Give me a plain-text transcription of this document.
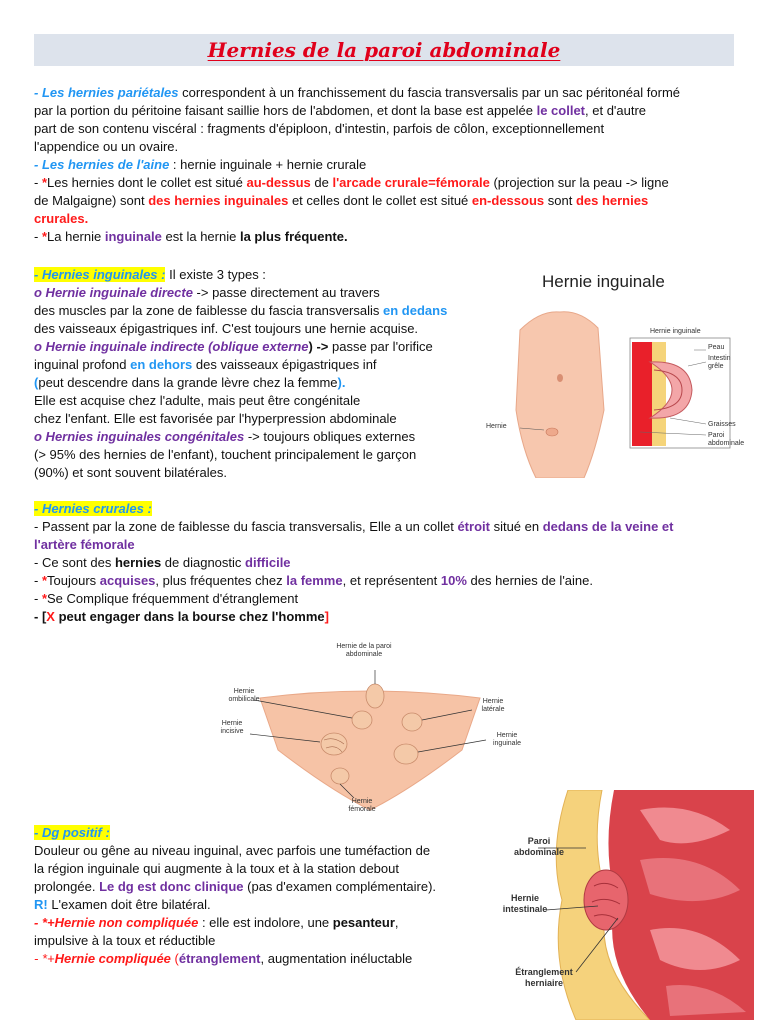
Hernies de la paroi abdominale
- Les hernies pariétales correspondent à un franchissement du fascia transversalis par un sac péritonéal formé
par la portion du péritoine faisant saillie hors de l'abdomen, et dont la base est appelée le collet, et d'autre
part de son contenu viscéral : fragments d'épiploon, d'intestin, parfois de côlon, exceptionnellement
l'appendice ou un ovaire.
- Les hernies de l'aine : hernie inguinale + hernie crurale
- *Les hernies dont le collet est situé au-dessus de l'arcade crurale=fémorale (projection sur la peau -> ligne
de Malgaigne) sont des hernies inguinales et celles dont le collet est situé en-dessous sont des hernies
crurales.
- *La hernie inguinale est la hernie la plus fréquente.
- Hernies inguinales : Il existe 3 types :
o Hernie inguinale directe -> passe directement au travers
des muscles par la zone de faiblesse du fascia transversalis en dedans
des vaisseaux épigastriques inf. C'est toujours une hernie acquise.
o Hernie inguinale indirecte (oblique externe) -> passe par l'orifice
inguinal profond en dehors des vaisseaux épigastriques inf
(peut descendre dans la grande lèvre chez la femme).
Elle est acquise chez l'adulte, mais peut être congénitale
chez l'enfant. Elle est favorisée par l'hyperpression abdominale
o Hernies inguinales congénitales -> toujours obliques externes
(> 95% des hernies de l'enfant), touchent principalement le garçon
(90%) et sont souvent bilatérales.
Hernie inguinale
Hernie
Hernie inguinale
Peau
Intestin grêle
Graisses
Paroi abdominale
- Hernies crurales :
- Passent par la zone de faiblesse du fascia transversalis, Elle a un collet étroit situé en dedans de la veine et
l'artère fémorale
- Ce sont des hernies de diagnostic difficile
- *Toujours acquises, plus fréquentes chez la femme, et représentent 10% des hernies de l'aine.
- *Se Complique fréquemment d'étranglement
- [X peut engager dans la bourse chez l'homme]
Hernie de la paroi abdominale
Hernie ombilicale
Hernie incisive
Hernie latérale
Hernie inguinale
Hernie fémorale
- Dg positif :
Douleur ou gêne au niveau inguinal, avec parfois une tuméfaction de
la région inguinale qui augmente à la toux et à la station debout
prolongée. Le dg est donc clinique (pas d'examen complémentaire).
R! L'examen doit être bilatéral.
- *+Hernie non compliquée : elle est indolore, une pesanteur,
impulsive à la toux et réductible
- *+Hernie compliquée (étranglement, augmentation inéluctable
Paroi abdominale
Hernie intestinale
Étranglement herniaire
